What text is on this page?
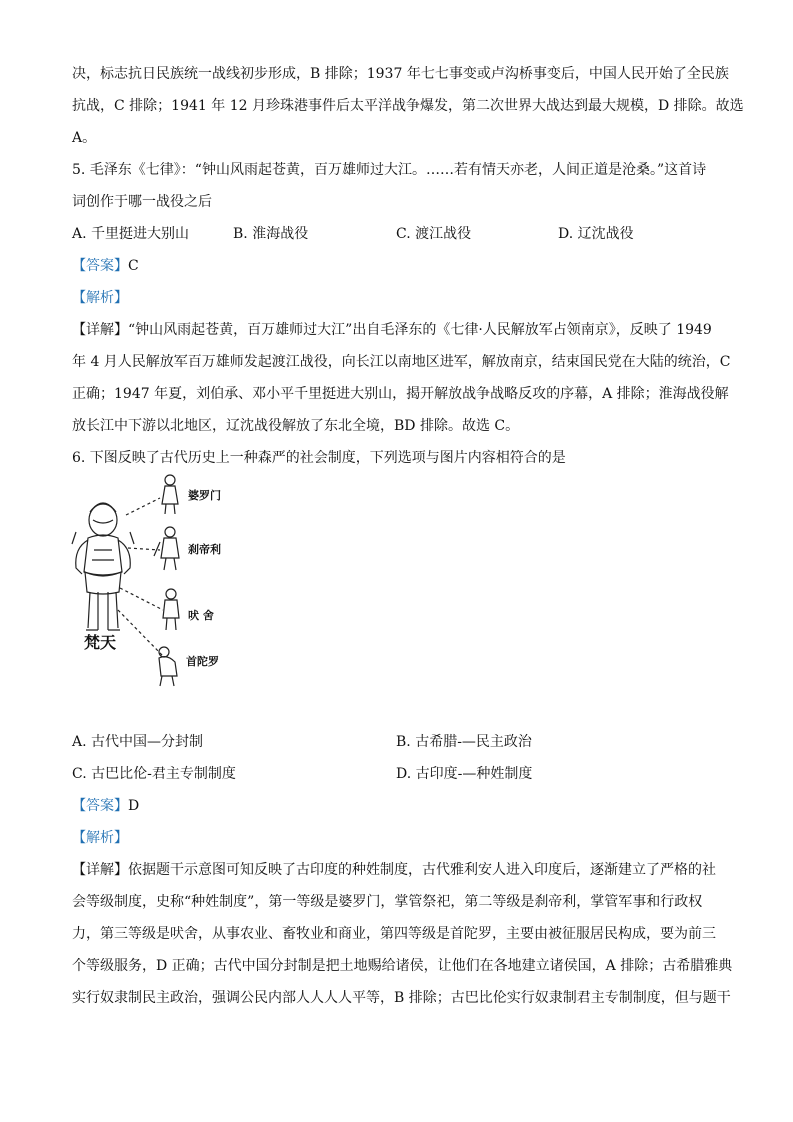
决，标志抗日民族统一战线初步形成，B 排除；1937 年七七事变或卢沟桥事变后，中国人民开始了全民族
抗战，C 排除；1941 年 12 月珍珠港事件后太平洋战争爆发，第二次世界大战达到最大规模，D 排除。故选
A。
5. 毛泽东《七律》：“钟山风雨起苍黄，百万雄师过大江。……若有情天亦老，人间正道是沧桑。”这首诗
词创作于哪一战役之后
A. 千里挺进大别山	B. 淮海战役	C. 渡江战役	D. 辽沈战役
【答案】C
【解析】
【详解】“钟山风雨起苍黄，百万雄师过大江”出自毛泽东的《七律·人民解放军占领南京》，反映了 1949
年 4 月人民解放军百万雄师发起渡江战役，向长江以南地区进军，解放南京，结束国民党在大陆的统治，C
正确；1947 年夏，刘伯承、邓小平千里挺进大别山，揭开解放战争战略反攻的序幕，A 排除；淮海战役解
放长江中下游以北地区，辽沈战役解放了东北全境，BD 排除。故选 C。
6. 下图反映了古代历史上一种森严的社会制度，下列选项与图片内容相符合的是
婆罗门
刹帝利
吠 舍
首陀罗
梵天
A. 古代中国—分封制	B. 古希腊-—民主政治
C. 古巴比伦-君主专制制度	D. 古印度-—种姓制度
【答案】D
【解析】
【详解】依据题干示意图可知反映了古印度的种姓制度，古代雅利安人进入印度后，逐渐建立了严格的社
会等级制度，史称“种姓制度”，第一等级是婆罗门，掌管祭祀，第二等级是刹帝利，掌管军事和行政权
力，第三等级是吠舍，从事农业、畜牧业和商业，第四等级是首陀罗，主要由被征服居民构成，要为前三
个等级服务，D 正确；古代中国分封制是把土地赐给诸侯，让他们在各地建立诸侯国，A 排除；古希腊雅典
实行奴隶制民主政治，强调公民内部人人人人平等，B 排除；古巴比伦实行奴隶制君主专制制度，但与题干
